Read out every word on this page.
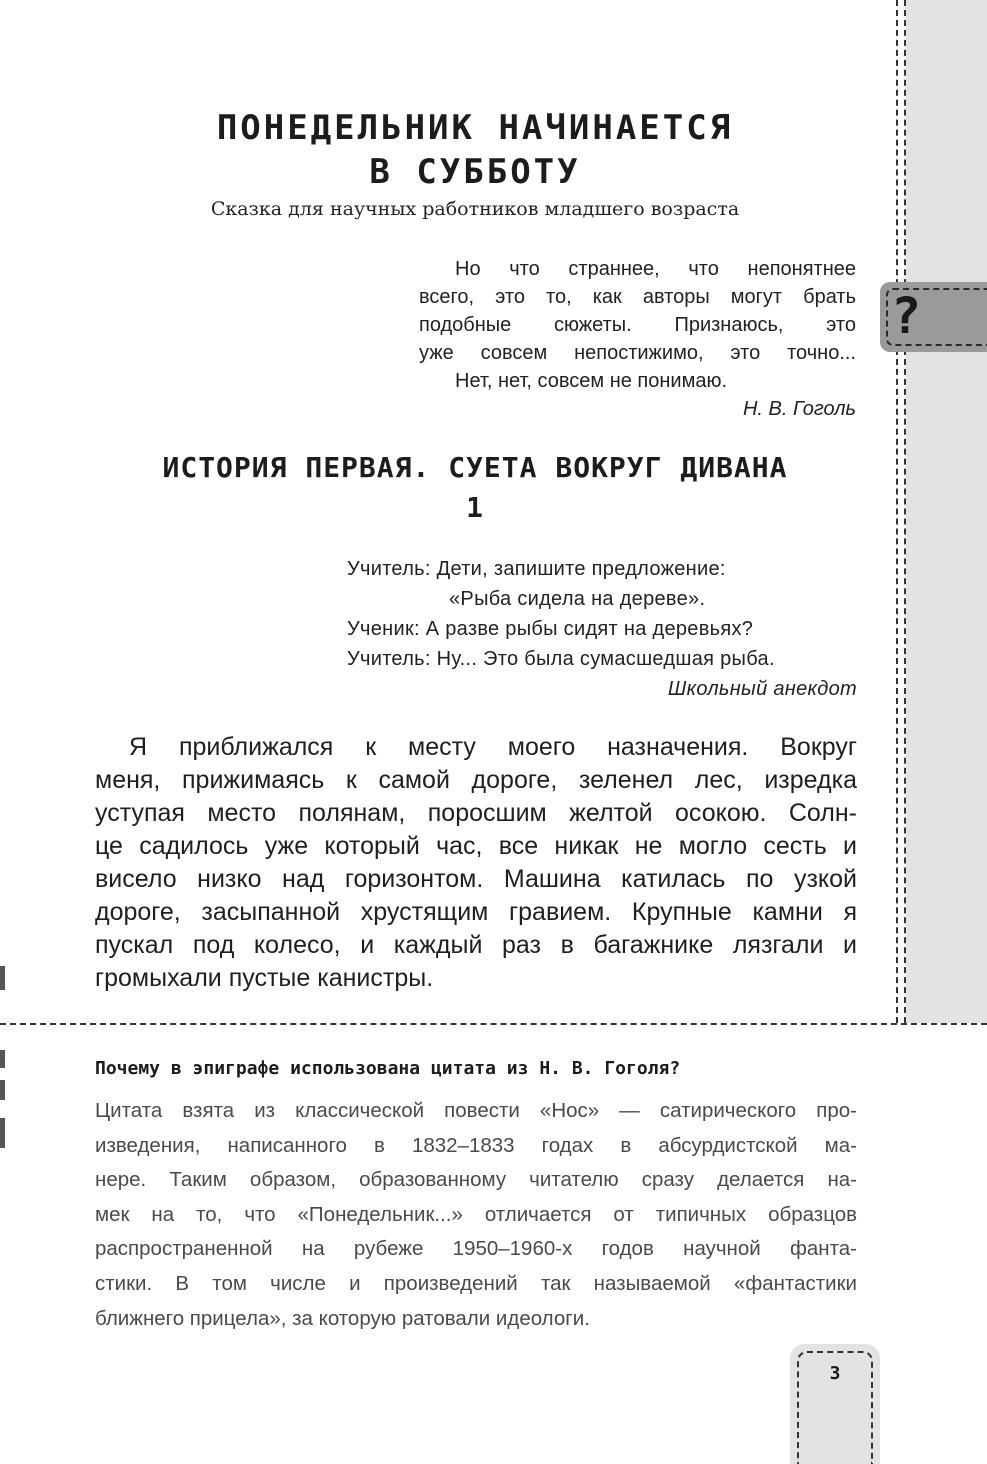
?
ПОНЕДЕЛЬНИК НАЧИНАЕТСЯ
В СУББОТУ
Сказка для научных работников младшего возраста
Но что страннее, что непонятнее
всего, это то, как авторы могут брать
подобные сюжеты. Признаюсь, это
уже совсем непостижимо, это точно...
Нет, нет, совсем не понимаю.
Н. В. Гоголь
ИСТОРИЯ ПЕРВАЯ. СУЕТА ВОКРУГ ДИВАНА
1
Учитель: Дети, запишите предложение:
«Рыба сидела на дереве».
Ученик: А разве рыбы сидят на деревьях?
Учитель: Ну... Это была сумасшедшая рыба.
Школьный анекдот
Я приближался к месту моего назначения. Вокруг
меня, прижимаясь к самой дороге, зеленел лес, изредка
уступая место полянам, поросшим желтой осокою. Солн-
це садилось уже который час, все никак не могло сесть и
висело низко над горизонтом. Машина катилась по узкой
дороге, засыпанной хрустящим гравием. Крупные камни я
пускал под колесо, и каждый раз в багажнике лязгали и
громыхали пустые канистры.
Почему в эпиграфе использована цитата из Н. В. Гоголя?
Цитата взята из классической повести «Нос» — сатирического про-
изведения, написанного в 1832–1833 годах в абсурдистской ма-
нере. Таким образом, образованному читателю сразу делается на-
мек на то, что «Понедельник...» отличается от типичных образцов
распространенной на рубеже 1950–1960-х годов научной фанта-
стики. В том числе и произведений так называемой «фантастики
ближнего прицела», за которую ратовали идеологи.
3
